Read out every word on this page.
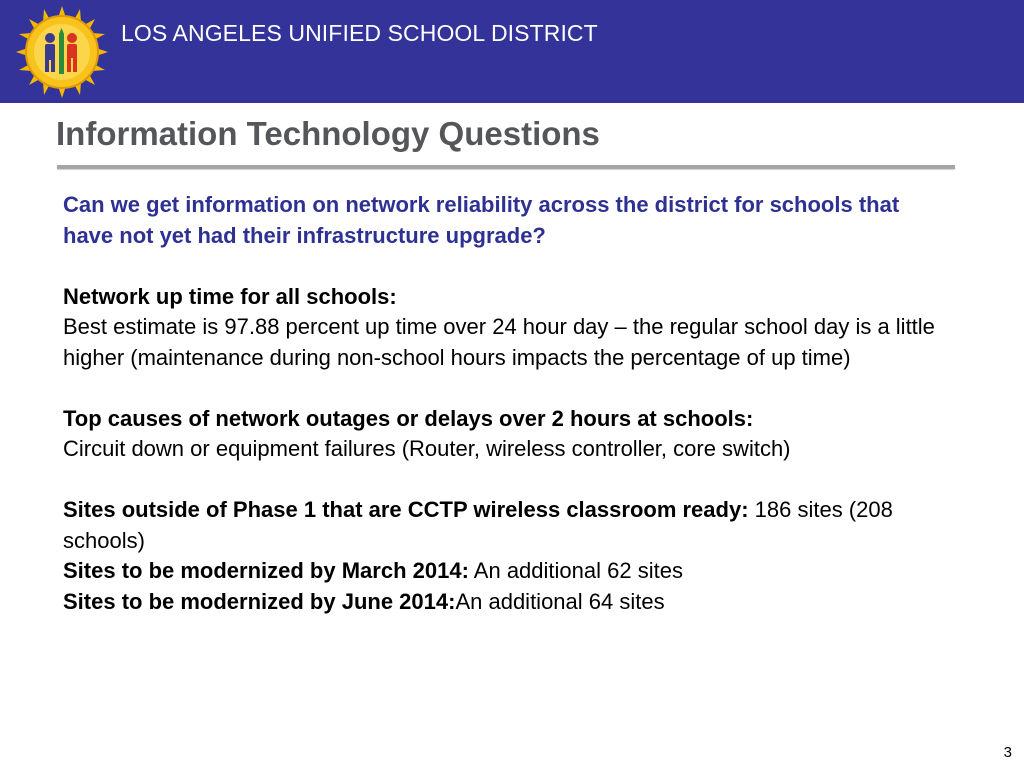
LOS ANGELES UNIFIED SCHOOL DISTRICT
Information Technology Questions

Can we get information on network reliability across the district for schools that have not yet had their infrastructure upgrade?

Network up time for all schools:

Best estimate is 97.88 percent up time over 24 hour day – the regular school day is a little higher (maintenance during non-school hours impacts the percentage of up time)

Top causes of network outages or delays over 2 hours at schools:

Circuit down or equipment failures (Router, wireless controller, core switch)

Sites outside of Phase 1 that are CCTP wireless classroom ready: 186 sites (208 schools)

Sites to be modernized by March 2014: An additional 62 sites

Sites to be modernized by June 2014:An additional 64 sites

3
